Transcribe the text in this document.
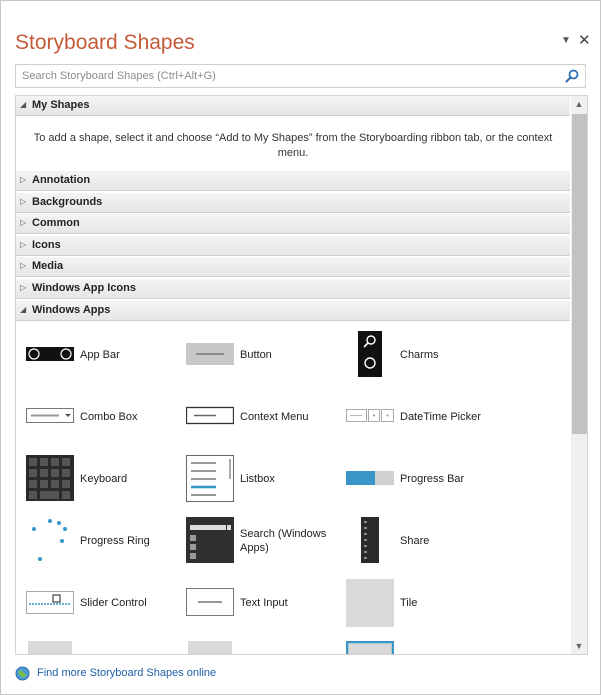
Storyboard Shapes	▼ ✕
Search Storyboard Shapes (Ctrl+Alt+G)
◢ My Shapes
To add a shape, select it and choose “Add to My Shapes” from the Storyboarding ribbon tab, or the context menu.
▷ Annotation
▷ Backgrounds
▷ Common
▷ Icons
▷ Media
▷ Windows App Icons
◢ Windows Apps
App Bar	Button	Charms
Combo Box	Context Menu	DateTime Picker
Keyboard	Listbox	Progress Bar
Progress Ring
Search (Windows Apps)
Share
Slider Control	Text Input	Tile
▲
▼
Find more Storyboard Shapes online
